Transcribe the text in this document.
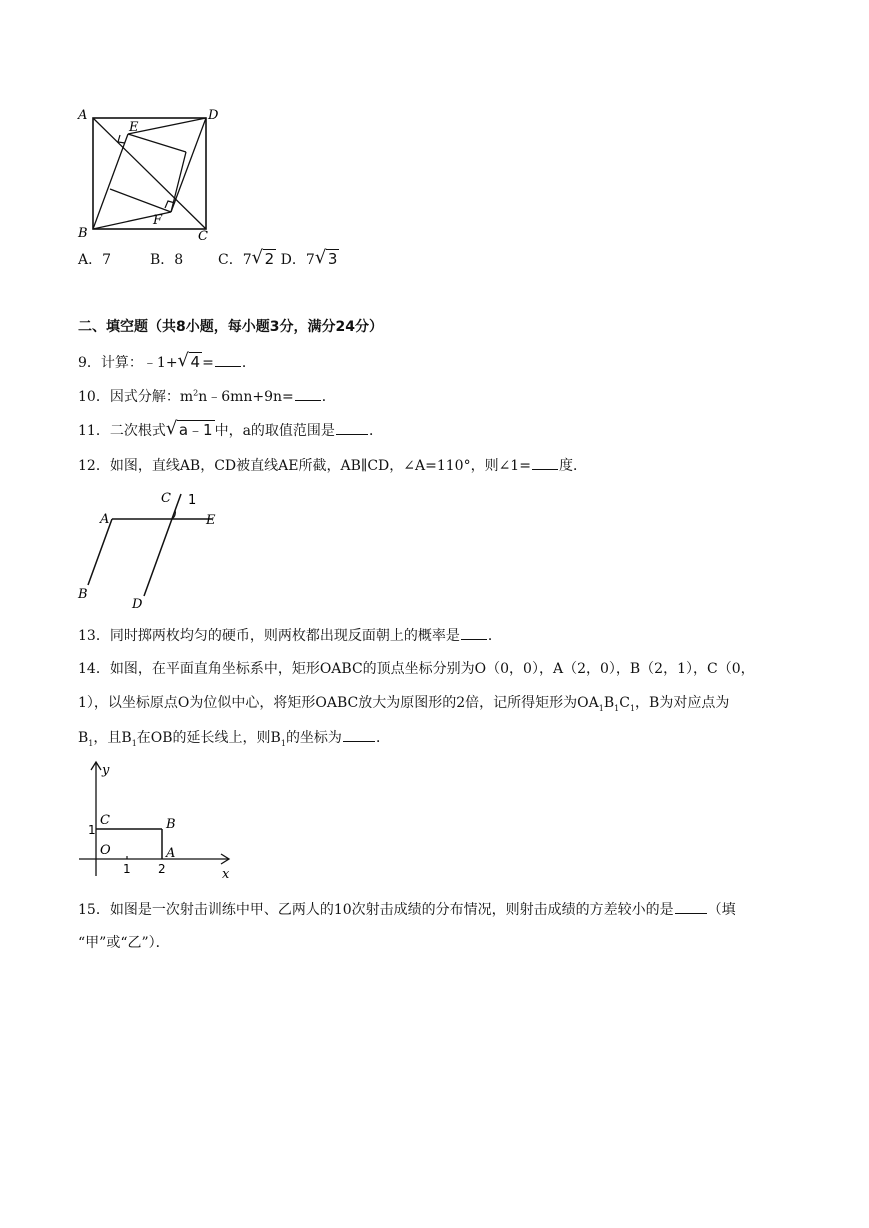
A	D
E
B
F
C
A．7	B．8 C．7 √ 2 D．7 √ 3
二、填空题（共8小题，每小题3分，满分24分）
9．计算：﹣1+ √ 4 = ．
10．因式分解：$m^2n﹣6mn+9n=$ ．
11．二次根式 √ a﹣1 中，a的取值范围是 ．
12．如图，直线AB，CD被直线AE所截，AB∥CD，∠A=110°，则∠1= 度．
C 1
A	E
B
D
13．同时掷两枚均匀的硬币，则两枚都出现反面朝上的概率是 ．
14．如图，在平面直角坐标系中，矩形OABC的顶点坐标分别为O（0，0），A（2，0），B（2，1），C（0，
1），以坐标原点O为位似中心，将矩形OABC放大为原图形的2倍，记所得矩形为$OA_1B_1C_1$，B为对应点为
$B_1$，且$B_1$在OB的延长线上，则$B_1$的坐标为 ．
y
C	B
1
O	A
1 2	x
15．如图是一次射击训练中甲、乙两人的10次射击成绩的分布情况，则射击成绩的方差较小的是 （填
“甲”或“乙”）．
